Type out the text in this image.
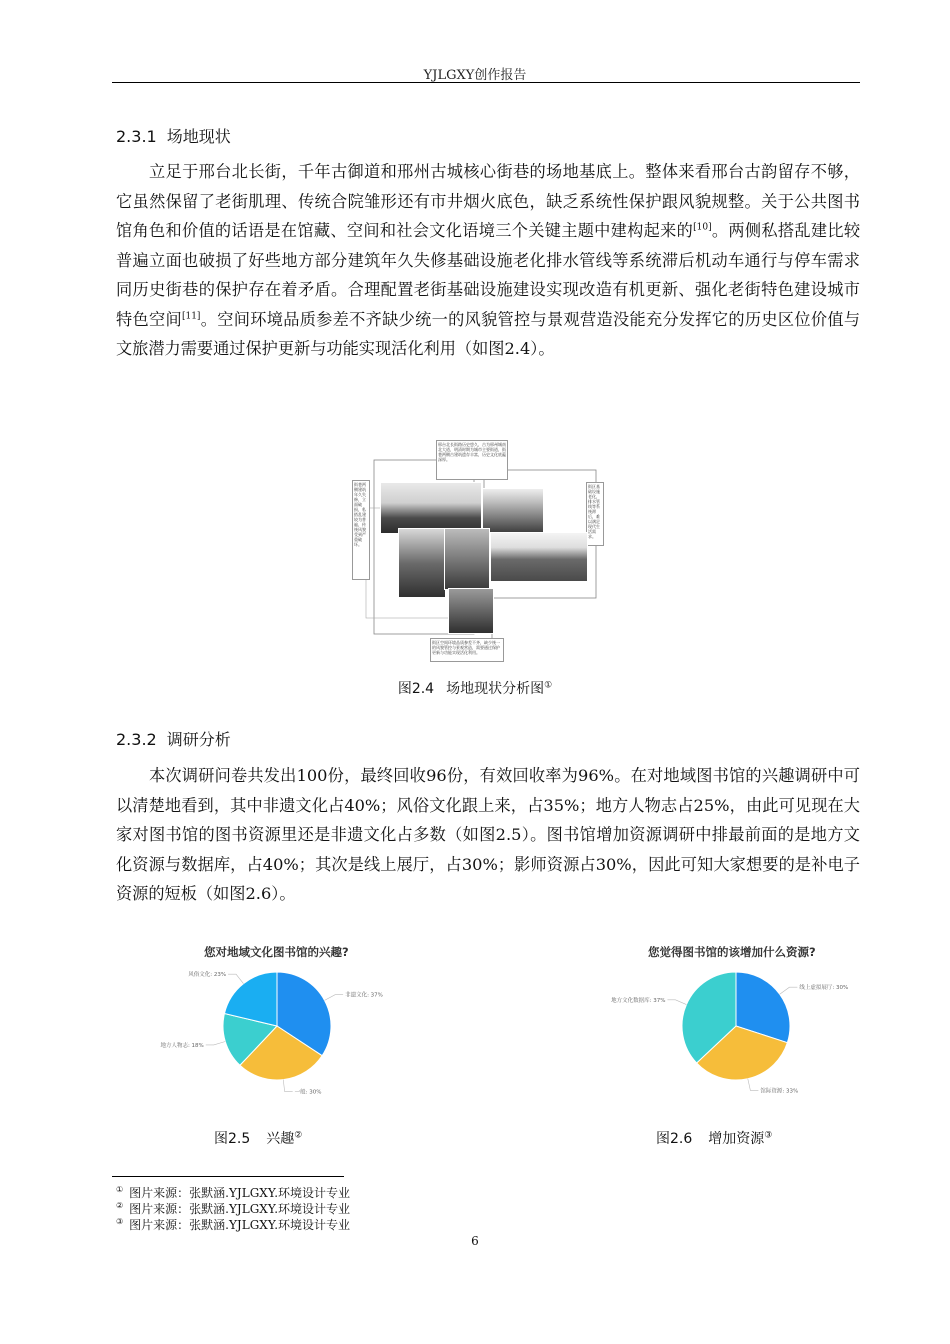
YJLGXY创作报告
2.3.1 场地现状
立足于邢台北长街，千年古御道和邢州古城核心街巷的场地基底上。整体来看邢台古韵留存不够，它虽然保留了老街肌理、传统合院雏形还有市井烟火底色，缺乏系统性保护跟风貌规整。关于公共图书馆角色和价值的话语是在馆藏、空间和社会文化语境三个关键主题中建构起来的[10]。两侧私搭乱建比较普遍立面也破损了好些地方部分建筑年久失修基础设施老化排水管线等系统滞后机动车通行与停车需求同历史街巷的保护存在着矛盾。合理配置老街基础设施建设实现改造有机更新、强化老街特色建设城市特色空间[11]。空间环境品质参差不齐缺少统一的风貌管控与景观营造没能充分发挥它的历史区位价值与文旅潜力需要通过保护更新与功能实现活化利用（如图2.4）。
邢台北长街路历史悠久，古为邢州城南北大道，明清时期为城市主要街道，街巷两侧古建筑遗存丰富，历史文化底蕴深厚。
街巷两侧建筑年久失修，立面破损，私搭乱建较为普遍，传统风貌受到严重破坏。
街区基础设施老化，排水管线等系统滞后，难以满足现代生活需求。
街区空间环境品质参差不齐，缺少统一的风貌管控与景观营造，需要通过保护更新与功能实现活化利用。
图2.4 场地现状分析图①
2.3.2 调研分析
本次调研问卷共发出100份，最终回收96份，有效回收率为96%。在对地域图书馆的兴趣调研中可以清楚地看到，其中非遗文化占40%；风俗文化跟上来，占35%；地方人物志占25%，由此可见现在大家对图书馆的图书资源里还是非遗文化占多数（如图2.5）。图书馆增加资源调研中排最前面的是地方文化资源与数据库，占40%；其次是线上展厅，占30%；影师资源占30%，因此可知大家想要的是补电子资源的短板（如图2.6）。
您对地域文化图书馆的兴趣?
非遗文化: 37%
一般: 30%
地方人物志: 18%
风俗文化: 23%
您觉得图书馆的该增加什么资源?
线上虚拟展厅: 30%
馆际资源: 33%
地方文化数据库: 37%
图2.5 兴趣②	图2.6 增加资源③
① 图片来源：张默涵.YJLGXY.环境设计专业
② 图片来源：张默涵.YJLGXY.环境设计专业
③ 图片来源：张默涵.YJLGXY.环境设计专业
6
